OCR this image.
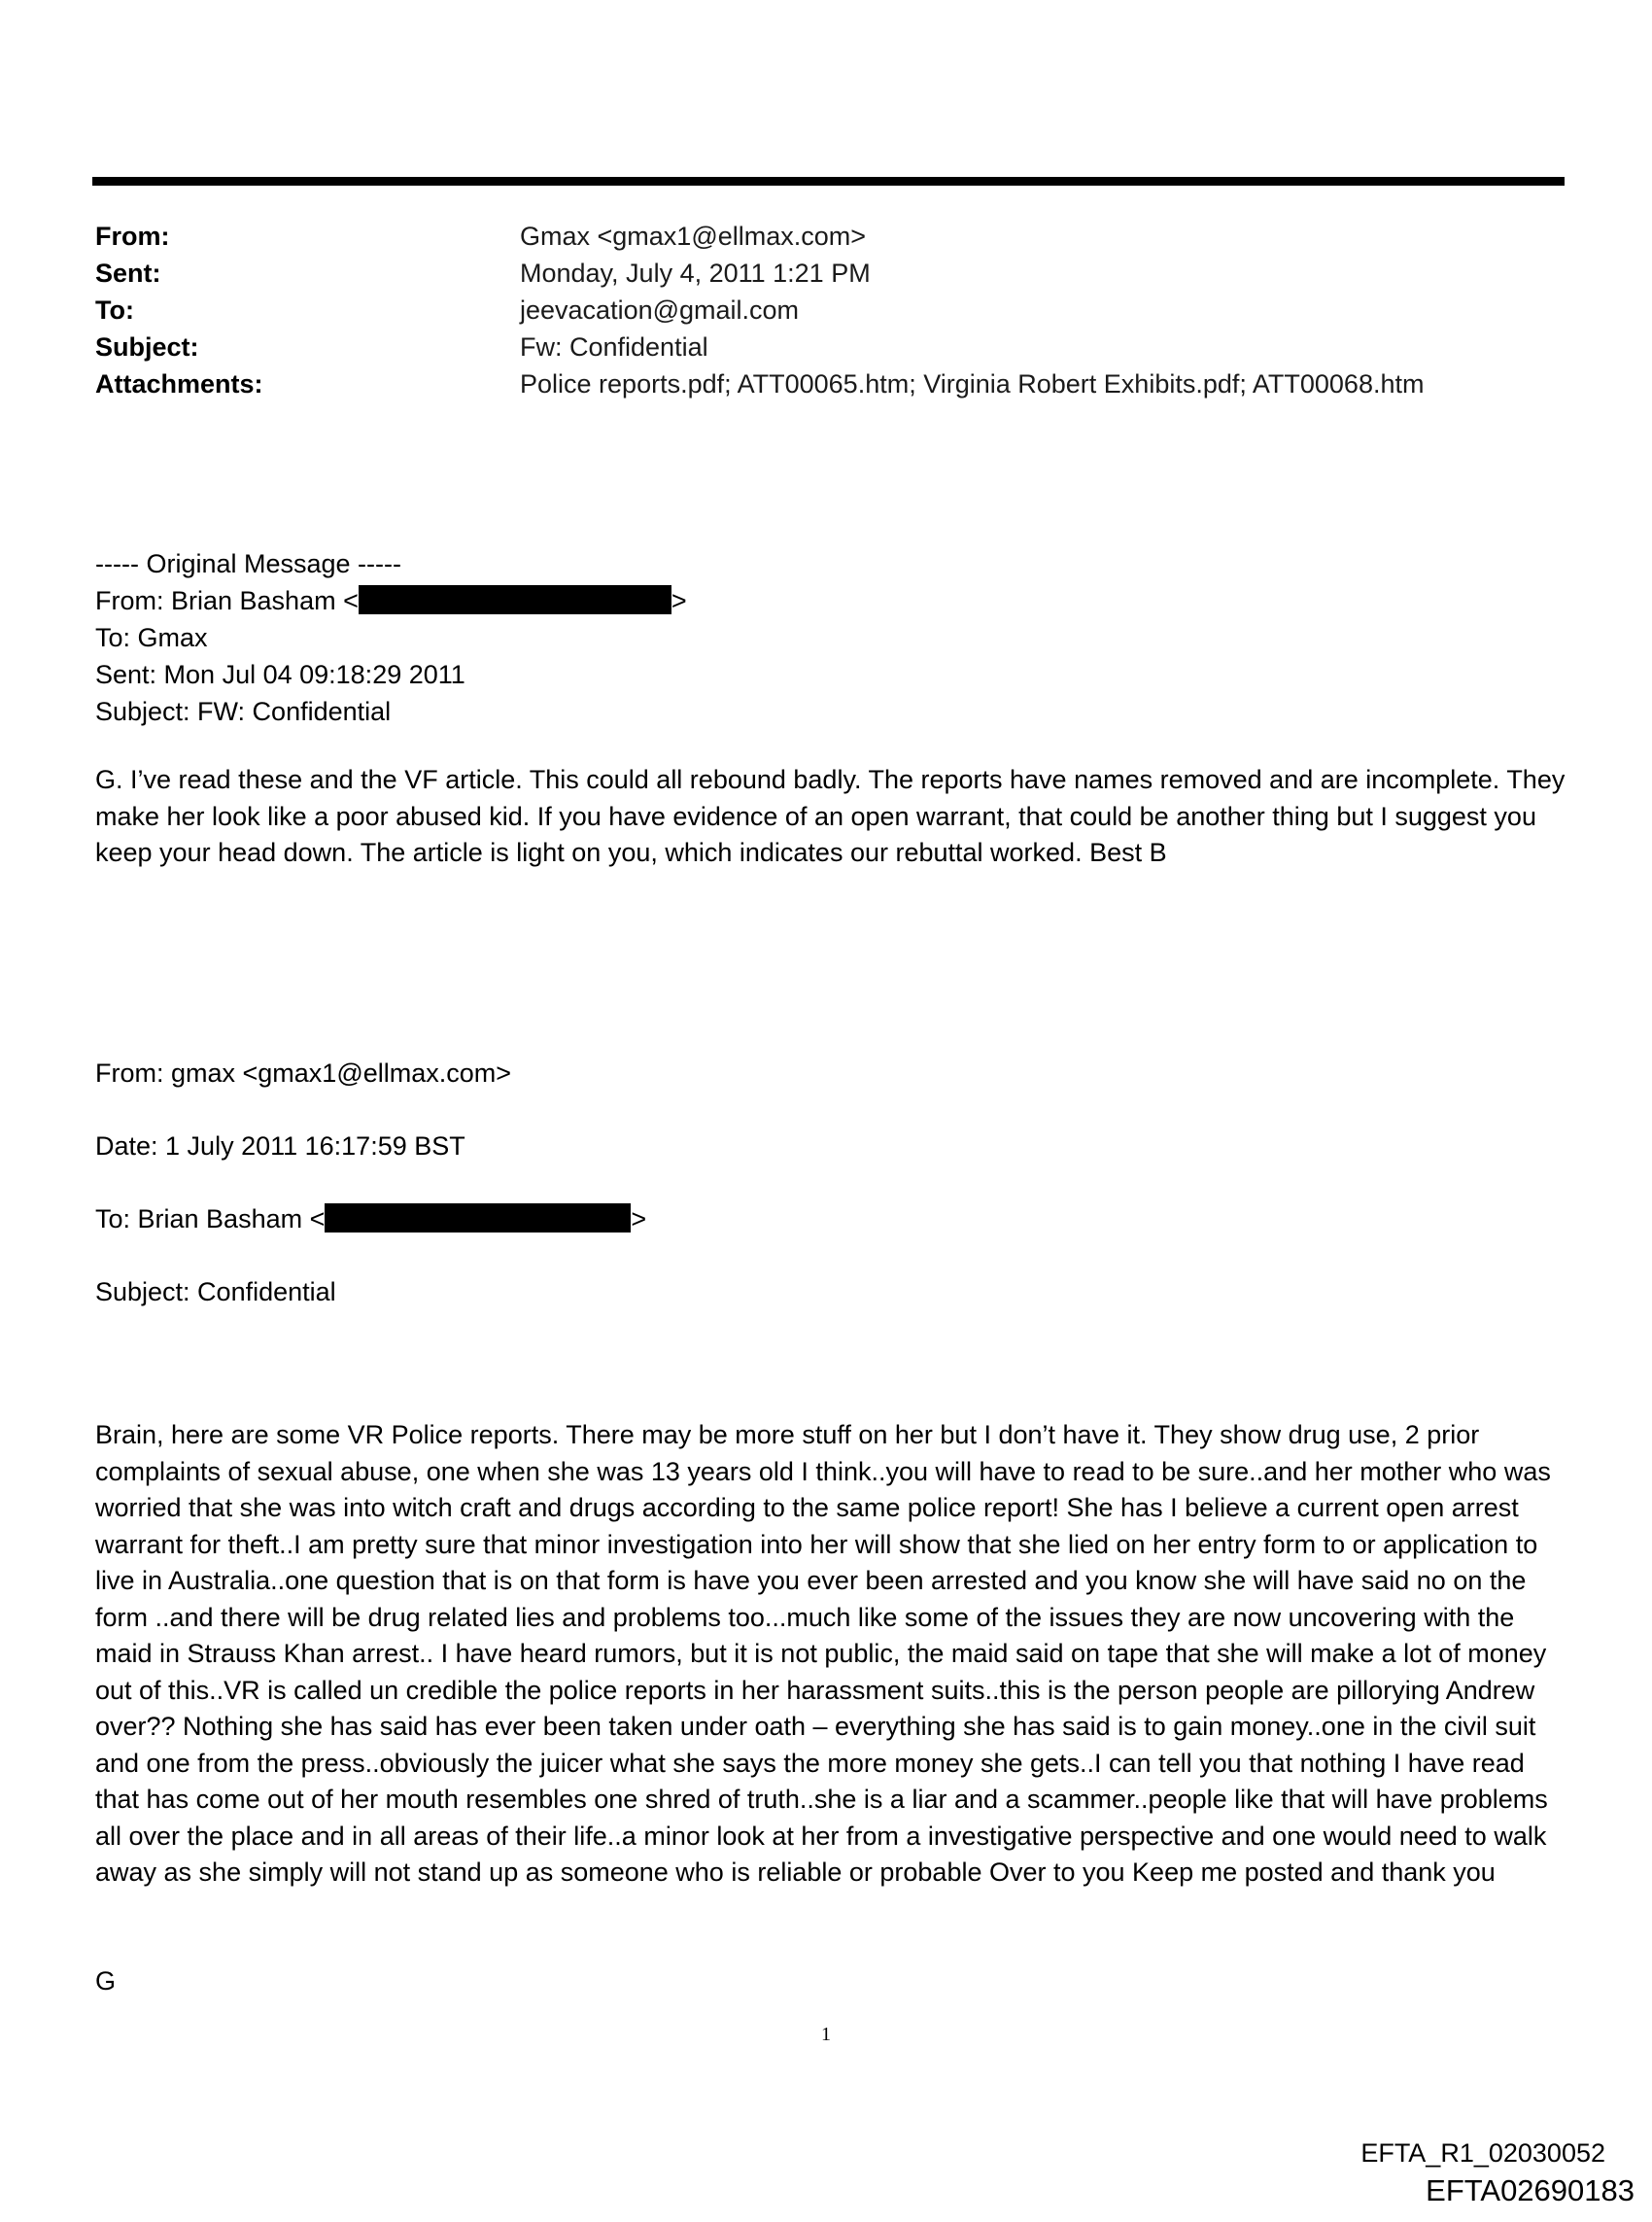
From:	Gmax <gmax1@ellmax.com>
Sent:	Monday, July 4, 2011 1:21 PM
To:	jeevacation@gmail.com
Subject:	Fw: Confidential
Attachments:	Police reports.pdf; ATT00065.htm; Virginia Robert Exhibits.pdf; ATT00068.htm
----- Original Message -----
From: Brian Basham <	>
To: Gmax
Sent: Mon Jul 04 09:18:29 2011
Subject: FW: Confidential

G. I’ve read these and the VF article. This could all rebound badly. The reports have names removed and are incomplete. They make her look like a poor abused kid. If you have evidence of an open warrant, that could be another thing but I suggest you keep your head down. The article is light on you, which indicates our rebuttal worked. Best B

From: gmax <gmax1@ellmax.com>
Date: 1 July 2011 16:17:59 BST
To: Brian Basham <	>
Subject: Confidential

Brain, here are some VR Police reports. There may be more stuff on her but I don’t have it. They show drug use, 2 prior complaints of sexual abuse, one when she was 13 years old I think..you will have to read to be sure..and her mother who was worried that she was into witch craft and drugs according to the same police report! She has I believe a current open arrest warrant for theft..I am pretty sure that minor investigation into her will show that she lied on her entry form to or application to live in Australia..one question that is on that form is have you ever been arrested and you know she will have said no on the form ..and there will be drug related lies and problems too...much like some of the issues they are now uncovering with the maid in Strauss Khan arrest.. I have heard rumors, but it is not public, the maid said on tape that she will make a lot of money out of this..VR is called un credible the police reports in her harassment suits..this is the person people are pillorying Andrew over?? Nothing she has said has ever been taken under oath – everything she has said is to gain money..one in the civil suit and one from the press..obviously the juicer what she says the more money she gets..I can tell you that nothing I have read that has come out of her mouth resembles one shred of truth..she is a liar and a scammer..people like that will have problems all over the place and in all areas of their life..a minor look at her from a investigative perspective and one would need to walk away as she simply will not stand up as someone who is reliable or probable Over to you Keep me posted and thank you

G
1
EFTA_R1_02030052
EFTA02690183
